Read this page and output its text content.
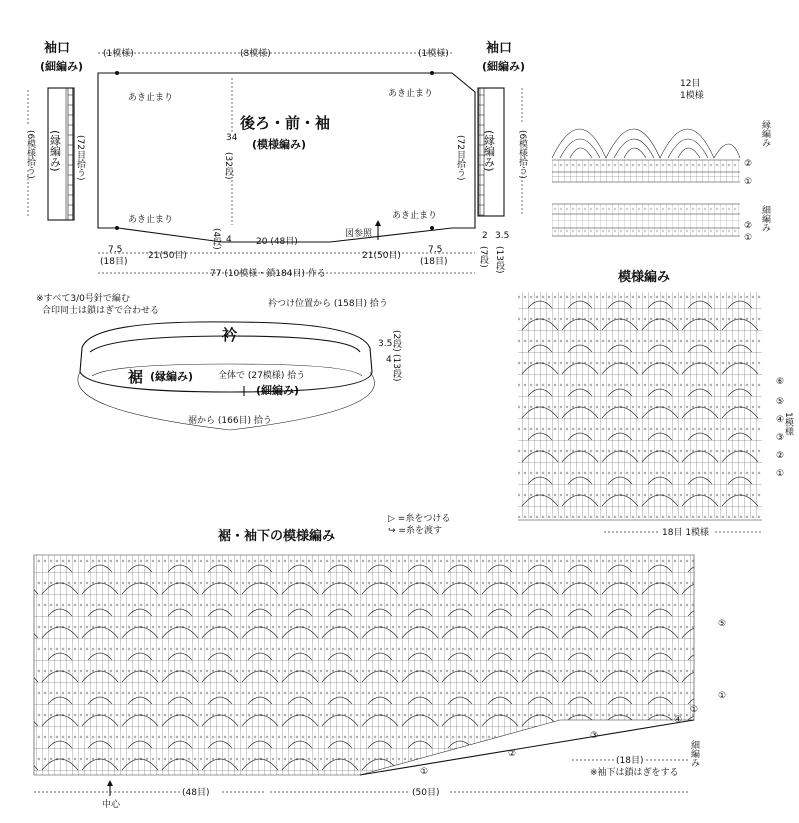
袖口
(細編み)
(縁編み)
(6模様拾う)	(72目拾う)
袖口
(細編み)
(縁編み)
(72目拾う)	(6模様拾う)
(1模様)	(8模様)	(1模様)
あき止まり	あき止まり
あき止まり	あき止まり
後ろ・前・袖
(模様編み)
34
(32段)
(4段) 4	20 (48目)
図参照
7.5
(18目)
21(50目)	21(50目)
7.5
(18目)
2
(7段)
3.5
(13段)
77 (10模様・鎖184目) 作る
12目
1模様
縁編み
細編み
②
①
②
①
※すべて3/0号針で編む
合印同士は鎖はぎで合わせる
衿つけ位置から (158目) 拾う
衿
裾 (縁編み)	全体で (27模様) 拾う
(細編み)
裾から (166目) 拾う
3.5
(2段)
4 (13段)
模様編み
18目 1模様
1模様
⑥
⑤
④
③
②
①
裾・袖下の模様編み
▷ =糸をつける
↪ =糸を渡す
⑤
①
④
③
②
①
①
細編み
中心
(48目)	(50目)
(18目)
※袖下は鎖はぎをする
